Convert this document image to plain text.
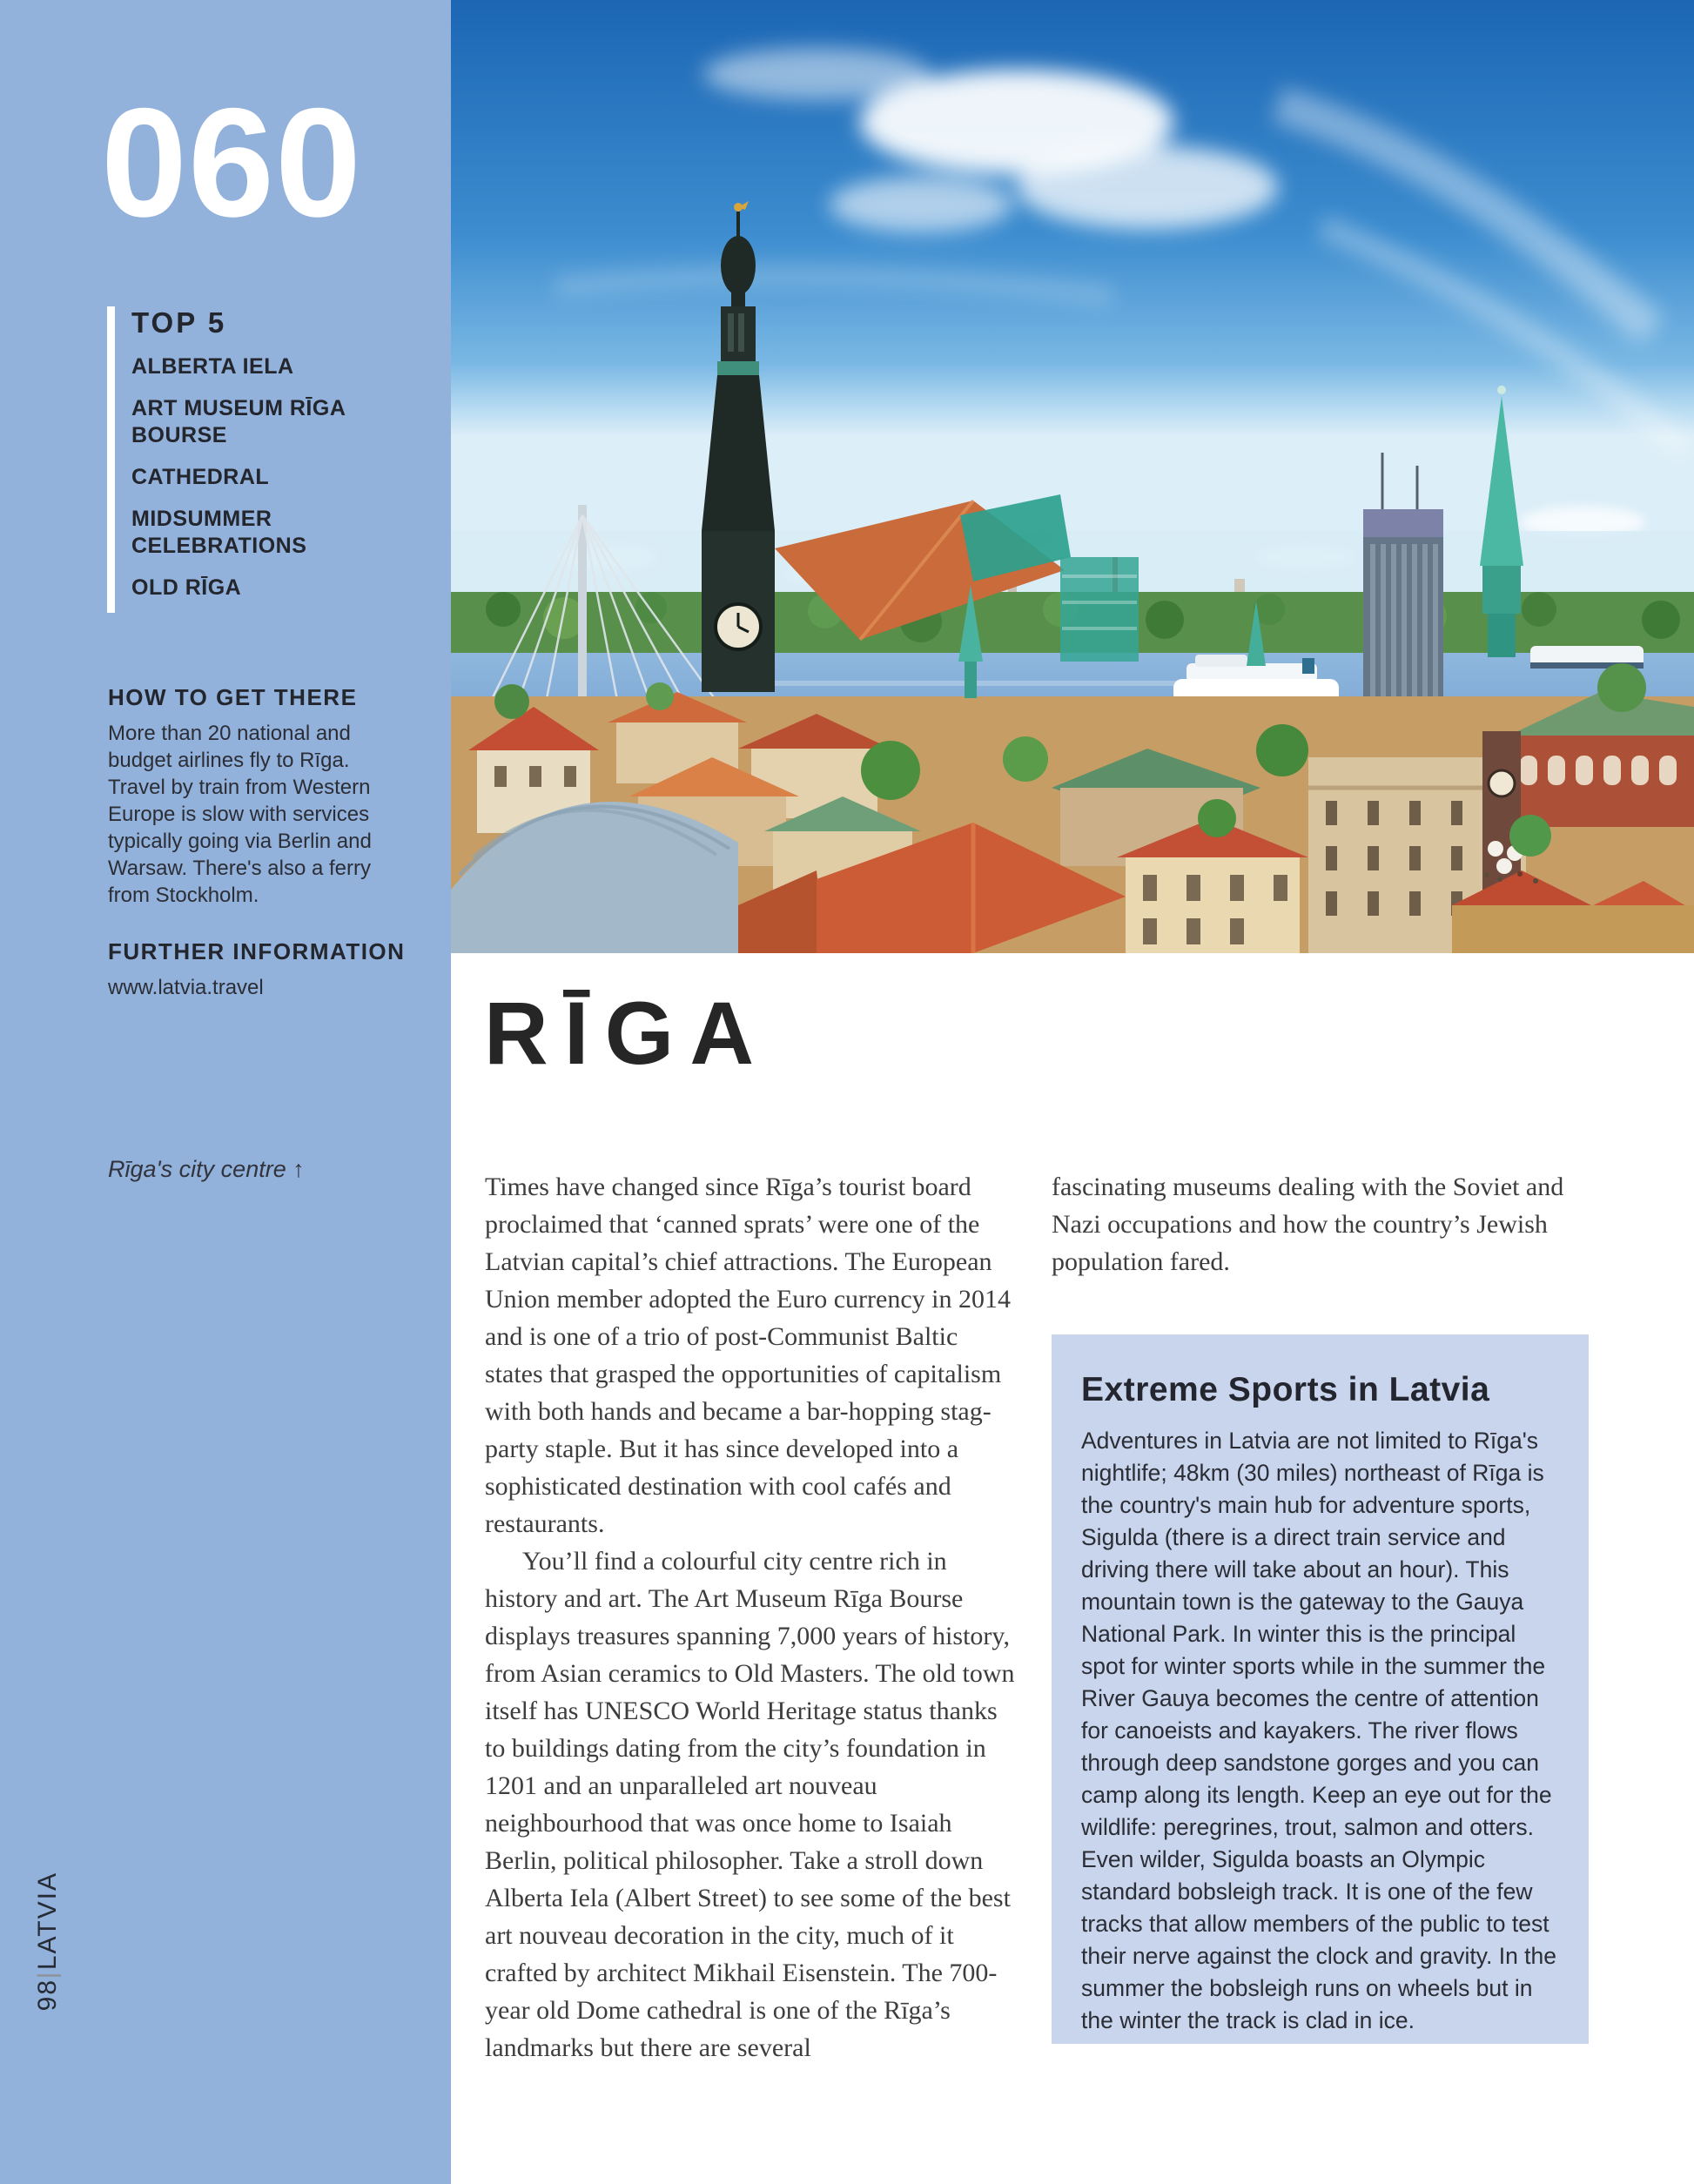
060
TOP 5
ALBERTA IELA
ART MUSEUM RĪGA BOURSE
CATHEDRAL
MIDSUMMER CELEBRATIONS
OLD RĪGA
HOW TO GET THERE

More than 20 national and budget airlines fly to Rīga. Travel by train from Western Europe is slow with services typically going via Berlin and Warsaw. There's also a ferry from Stockholm.

FURTHER INFORMATION

www.latvia.travel

Rīga's city centre ↑
98|LATVIA
RĪGA

Times have changed since Rīga’s tourist board proclaimed that ‘canned sprats’ were one of the Latvian capital’s chief attractions. The European Union member adopted the Euro currency in 2014 and is one of a trio of post-Communist Baltic states that grasped the opportunities of capitalism with both hands and became a bar-hopping stag-party staple. But it has since developed into a sophisticated destination with cool cafés and restaurants.

You’ll find a colourful city centre rich in history and art. The Art Museum Rīga Bourse displays treasures spanning 7,000 years of history, from Asian ceramics to Old Masters. The old town itself has UNESCO World Heritage status thanks to buildings dating from the city’s foundation in 1201 and an unparalleled art nouveau neighbourhood that was once home to Isaiah Berlin, political philosopher. Take a stroll down Alberta Iela (Albert Street) to see some of the best art nouveau decoration in the city, much of it crafted by architect Mikhail Eisenstein. The 700-year old Dome cathedral is one of the Rīga’s landmarks but there are several

fascinating museums dealing with the Soviet and Nazi occupations and how the country’s Jewish population fared.

Extreme Sports in Latvia

Adventures in Latvia are not limited to Rīga's nightlife; 48km (30 miles) northeast of Rīga is the country's main hub for adventure sports, Sigulda (there is a direct train service and driving there will take about an hour). This mountain town is the gateway to the Gauya National Park. In winter this is the principal spot for winter sports while in the summer the River Gauya becomes the centre of attention for canoeists and kayakers. The river flows through deep sandstone gorges and you can camp along its length. Keep an eye out for the wildlife: peregrines, trout, salmon and otters. Even wilder, Sigulda boasts an Olympic standard bobsleigh track. It is one of the few tracks that allow members of the public to test their nerve against the clock and gravity. In the summer the bobsleigh runs on wheels but in the winter the track is clad in ice.
